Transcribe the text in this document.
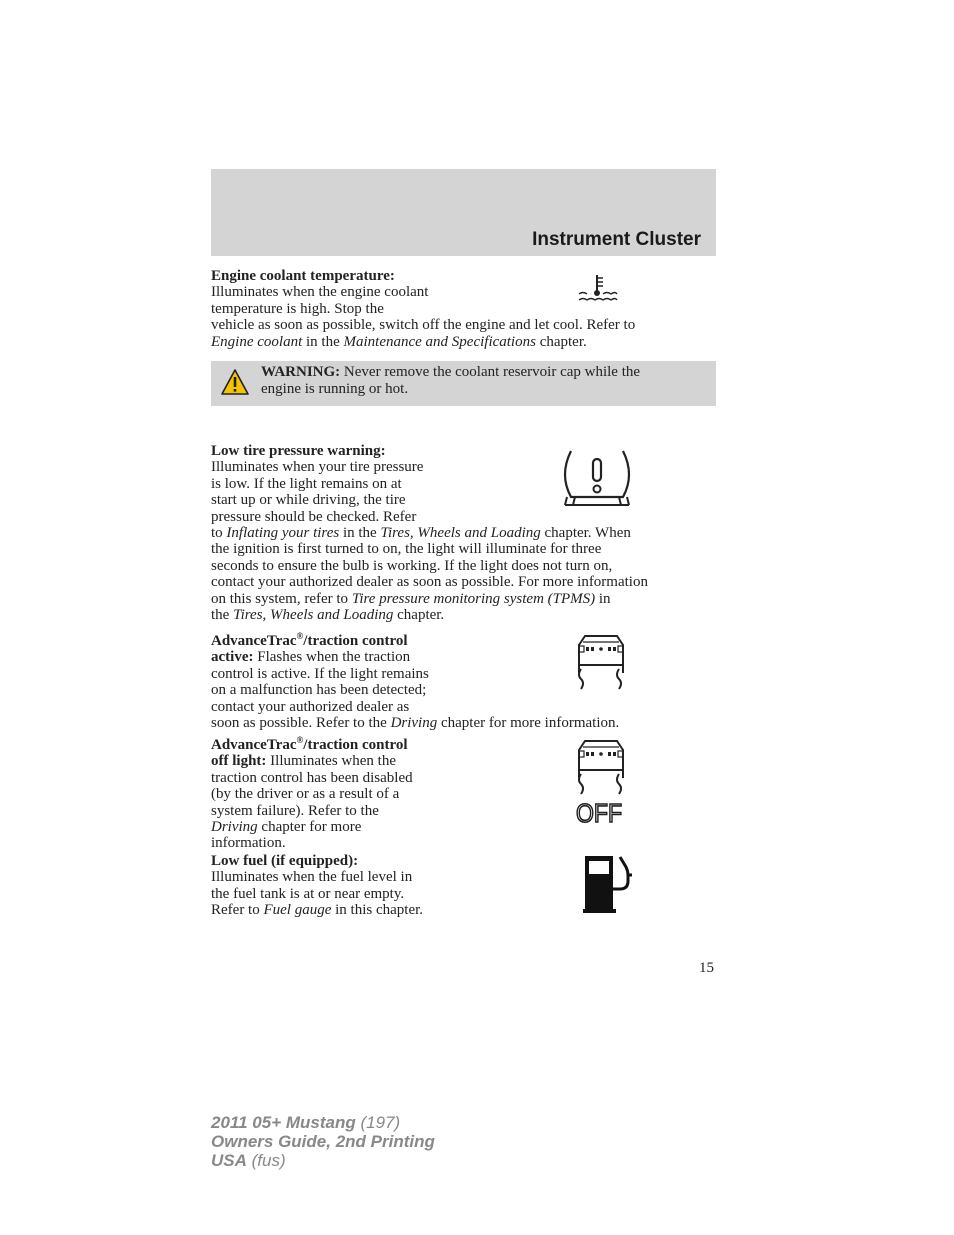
Instrument Cluster
Engine coolant temperature:
Illuminates when the engine coolant
temperature is high. Stop the
vehicle as soon as possible, switch off the engine and let cool. Refer to
Engine coolant in the Maintenance and Specifications chapter.
WARNING: Never remove the coolant reservoir cap while the
engine is running or hot.
Low tire pressure warning:
Illuminates when your tire pressure
is low. If the light remains on at
start up or while driving, the tire
pressure should be checked. Refer
to Inflating your tires in the Tires, Wheels and Loading chapter. When
the ignition is first turned to on, the light will illuminate for three
seconds to ensure the bulb is working. If the light does not turn on,
contact your authorized dealer as soon as possible. For more information
on this system, refer to Tire pressure monitoring system (TPMS) in
the Tires, Wheels and Loading chapter.
AdvanceTrac®/traction control
active: Flashes when the traction
control is active. If the light remains
on a malfunction has been detected;
contact your authorized dealer as
soon as possible. Refer to the Driving chapter for more information.
AdvanceTrac®/traction control
off light: Illuminates when the
traction control has been disabled
(by the driver or as a result of a
system failure). Refer to the
Driving chapter for more
information.
OFF
Low fuel (if equipped):
Illuminates when the fuel level in
the fuel tank is at or near empty.
Refer to Fuel gauge in this chapter.
15
2011 05+ Mustang (197)
Owners Guide, 2nd Printing
USA (fus)
